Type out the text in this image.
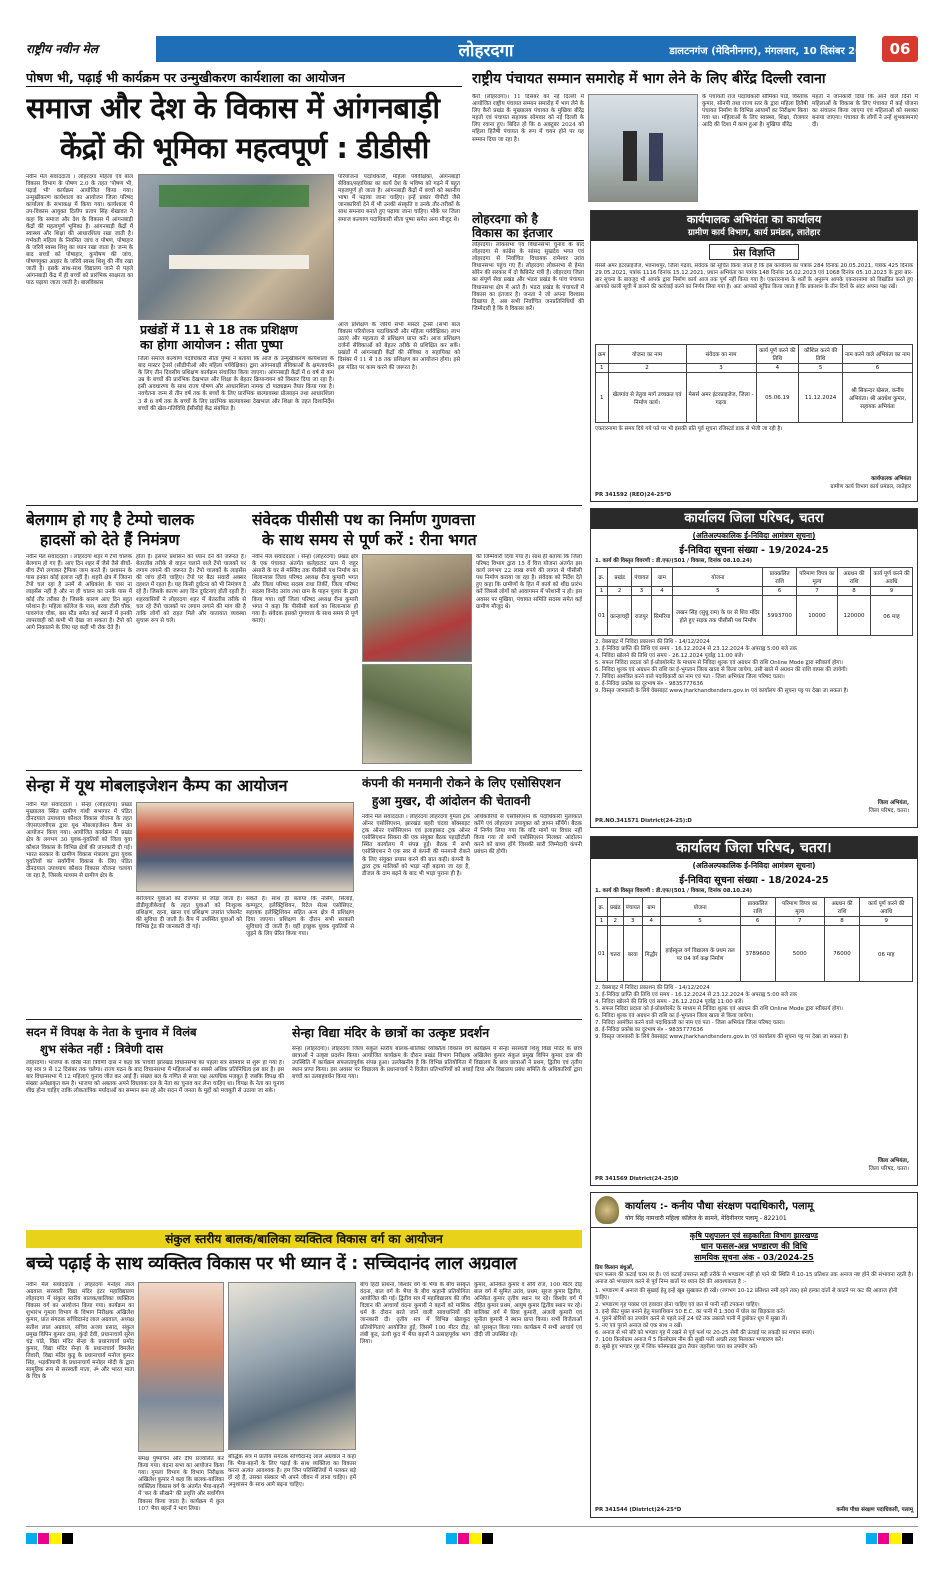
राष्ट्रीय नवीन मेल	लोहरदगा	डालटनगंज (मेदिनीनगर), मंगलवार, 10 दिसंबर 2024 06
पोषण भी, पढ़ाई भी कार्यक्रम पर उन्मुखीकरण कार्यशाला का आयोजन
समाज और देश के विकास में आंगनबाड़ी
केंद्रों की भूमिका महत्वपूर्ण : डीडीसी
नवीन मेल संवाददाता । लोहरदगा महिला एवं बाल विकास विभाग के पोषण 2.0 के तहत 'पोषण भी, पढ़ाई भी' कार्यक्रम आयोजित किया गया। उन्मुखीकरण कार्यशाला का आयोजन जिला परिषद कार्यालय के सभाकक्ष में किया गया। कार्यशाला में उप-विकास आयुक्त दिलीप प्रताप सिंह शेखावत ने कहा कि समाज और देश के विकास में आंगनबाड़ी केंद्रों की महत्वपूर्ण भूमिका है। आंगनबाड़ी केंद्रों में स्वास्थ्य और शिक्षा की आधारशिला रखा जाती है। गर्भवती महिला के नियमित जांच व पोषण, पोषाहार के जरिये स्वस्थ शिशु का ध्यान रखा जाता है। जन्म के बाद बच्चों को पोषाहार, कुपोषण की जांच, पोषणयुक्त आहार के जरिये स्वस्थ शिशु की नींव रखा जाती है। इसके साथ-साथ विद्यालय जाने से पहले आंगनबाड़ी केंद्र में ही बच्चों को प्रारंभिक साक्षरता का पाठ पढ़ाया जाता जाती है। बालविकास
परियोजना पदाधिकारी, महिला पर्यवेक्षिका, आंगनबाड़ी सेविका/सहायिका का कार्य देश के भविष्य को गढ़ने में बहुत महत्वपूर्ण हो जाता है। आंगनबाड़ी केंद्रों में बच्चों को स्थानीय भाषा में पढ़ाया जाना चाहिए। इन्हें प्रकार पीपीटी जैसे जानकारियों देने में भी उनकी संस्कृति व उनके तौर-तरीकों के साथ समन्वय बनाते हुए पढ़ाया जाना चाहिए। मौके पर जिला समाज कल्याण पदाधिकारी सीता पुष्पा समेत अन्य मौजूद थे।
प्रखंडों में 11 से 18 तक प्रशिक्षण
का होगा आयोजन : सीता पुष्पा
जिला समाज कल्याण पदाधिकारी सीता पुष्पा ने बताया कि आज के उन्मुखीकरण कार्यशाला के बाद मास्टर ट्रेनर्स (सीडीपीओ और महिला पर्यवेक्षिका) द्वारा आंगनबाड़ी सेविकाओं के क्षमतावर्धन के लिए तीन दिवसीय प्रशिक्षण कार्यक्रम संचालित किया जाएगा। आंगनबाड़ी केंद्रों में 6 वर्ष से कम उम्र के बच्चों की प्रारंभिक देखभाल और शिक्षा के बेहतर क्रियान्वयन को विस्तार दिया जा रहा है। इसी अवधारणा के साथ राज्य पोषण और आधारशिला नामक दो पाठ्यक्रम तैयार किया गया है। नवचेतना जन्म से तीन वर्ष तक के बच्चों के लिए प्रारंभिक बाल्यावस्था प्रोत्साहन तथा आधारशिला 3 से 6 वर्ष तक के बच्चों के लिए प्रारंभिक बाल्यावस्था देखभाल और शिक्षा के तहत दिशानिर्देश बच्चों की खेल-गतिविधि ईसीसीई केंद्र संबंधित है।
आज प्रशिक्षण के जरिये सभी मास्टर ट्रेनर्स (सभी बाल विकास परियोजना पदाधिकारी और महिला पर्यवेक्षिका) लाभ उठाएं और महत्वता से प्रशिक्षण प्राप्त करें। आज प्रशिक्षण दर्जनों सेविकाओं को बेहतर तरीके से प्रशिक्षित कर सकें। प्रखंडों में आंगनबाड़ी केंद्रों की सेविका व सहायिका को दिसंबर में 11 से 18 तक प्रशिक्षण का आयोजन होगा। इसे इस मंडित पर काम करने की जरूरत है।
राष्ट्रीय पंचायत सम्मान समारोह में भाग लेने के लिए बीरेंद्र दिल्ली रवाना
कैरो (लोहरदगा)। 11 दिसंबर को नई दिल्ली में आयोजित राष्ट्रीय पंचायत सम्मान समारोह में भाग लेने के लिए कैरो प्रखंड के मुख्यालय पंचायत के मुखिया बीरेंद्र महतो एवं पंचायत सहायक सोमवार को नई दिल्ली के लिए रवाना हुए। बिदित हो कि 8 अक्टूबर 2024 को महिला हितैषी पंचायत के रूप में चयन होने पर यह सम्मान दिया जा रहा है।
के पंचायती राज पदाधिकारी सौमिका पांडे, विस्तोक कुमार, सोनपी तथा राज्य स्तर के द्वारा महिला हितैषी पंचायत निर्माण के विभिन्न आयामों का निरीक्षण किया गया था। महिलाओं के लिए स्वास्थ्य, शिक्षा, रोजगार आदि की दिशा में काम हुआ है। मुखिया बीरेंद्र
महतो ने जानकारी दिया कि आने वाले दिनों में महिलाओं के विकास के लिए पंचायत में कई योजना का संचालन किया जाएगा एवं महिलाओं को सशक्त बनाया जाएगा। पंचायत के लोगों ने उन्हें शुभकामनाएं दी।
लोहरदगा को है
विकास का इंतजार
लोहरदगा। लोकसभा एवं विधानसभा चुनाव के बाद लोहरदगा से कांग्रेस के सांसद सुखदेव भगत एवं लोहरदगा से निर्वाचित विधायक रामेश्वर उरांव विधानसभा पहुंच गए हैं। लोहरदगा लोकसभा से हेमंत सोरेन की सरकार में दो कैबिनेट मंत्री हैं। लोहरदगा जिला का संपूर्ण सेवा प्रखंड और भंडरा प्रखंड के पांच पंचायत विधानसभा क्षेत्र में आते हैं। भंडरा प्रखंड के पंचायतों में विकास का इंतजार है। जनता ने जो अपना विश्वास दिखाया है, अब सभी निर्वाचित जनप्रतिनिधियों की जिम्मेदारी है कि वे विकास करें।
कार्यपालक अभियंता का कार्यालय
ग्रामीण कार्य विभाग, कार्य प्रमंडल, लातेहार
प्रेस विज्ञप्ति
मेसर्स अमर इंटरप्राइजेज, भवनाथपुर, जिला गढ़वा, संवेदक को सूचित किया जाता है कि इस कार्यालय का पत्रांक 284 दिनांक 20.05.2021, पत्रांक 425 दिनांक 29.05.2021, पत्रांक 1116 दिनांक 15.12.2021, प्रधान अभियंता का पत्रांक 148 दिनांक 16.02.2023 एवं 1068 दिनांक 05.10.2023 के द्वारा बार-बार सूचना के बावजूद भी आपके द्वारा निर्माण कार्य आज तक पूर्ण नहीं किया गया है। एकरारनामा के शर्तों के अनुरूप आपके एकरारनामा को विखंडित करते हुए आपको काली सूची में डालने की कार्रवाई करने का निर्णय लिया गया है। अतः आपको सूचित किया जाता है कि प्रकाशन के तीन दिनों के अंदर अपना पक्ष रखें।
क्रम	योजना का नाम	संवेदक का नाम	कार्य पूर्ण करने की तिथि	कौशिल करने की तिथि	नाम करने वाले अभियंता का नाम
1	2	3	4	5	6
1	खेलगांव से तेतुवा मार्ग उच्चक्रत एवं निर्माण कार्य।	मेसर्स अमर इंटरप्राइजेज, जिला - गढ़वा	05.06.19	11.12.2024	श्री सिकन्दर खेसल, कनीय अभियंता। श्री अवधेश कुमार, सहायक अभियंता
एकरारनामा के समय दिये गये पते पर भी इसकी प्रति पूर्व सूचना रजिस्टर्ड डाक से भेजी जा रही है।
कार्यपालक अभियंता
ग्रामीण कार्य विभाग कार्य प्रमंडल, लातेहार
PR 341592 (REO)24-25*D
बेलगाम हो गए है टेम्पो चालक
हादसों को देते हैं निमंत्रण
नवीन मेल संवाददाता । लोहरदगा शहर में टेंपो चालक बेलगाम हो गए हैं। आए दिन शहर में जैसे तैसे बीचों-बीच टेंपो लगाकर ट्रैफिक जाम करते हैं। प्रशासन के पास इनका कोई इलाज नहीं है। शहरी क्षेत्र में जितना टेंपो चल रहा है उनमें से अधिकांश के पास ना लाइसेंस नहीं है और ना ही चालन का उनके पास में कोई तौर तरीका है। जिसके कारण आए दिन बहुत परेशान है। महिला कॉलेज के पास, बरवा टोली चौक, पावरगंज चौक, बस स्टैंड समेत कई स्थानों में इनकी लापरवाही को कभी भी देखा जा सकता है। टेंपो को आगे निकालने के लिए यह कहीं भी रोक देते हैं।
होता है। इसपर प्रशासन को ध्यान देने की जरूरत है। बेतरतीब तरीके से वाहन चलाने वाले टेंपो चालकों पर लगाम लगाने की जरूरत है। टेंपो चालकों के लाइसेंस की जांच होनी चाहिए। टेंपो पर बैठा सवारी अक्सर दहशत में रहता है। यह किसी दुर्घटना को भी निमंत्रण दे रहे हैं। जिसके कारण आए दिन दुर्घटनाएं होती रहती हैं। शहरवासियों ने लोहरदगा शहर में बेतरतीब तरीके से चल रहे टेंपो चालकों पर लगाम लगाने की मांग की है ताकि लोगों को राहत मिले और यातायात व्यवस्था सुचारू रूप से चले।
संवेदक पीसीसी पथ का निर्माण गुणवत्ता
के साथ समय से पूर्ण करें : रीना भगत
नवीन मेल संवाददाता । सेन्हा (लोहरदगा) प्रखंड क्षेत्र के एक पंचायत अंतर्गत कलेहाटाट ग्राम में जहुर अंसारी के घर से मस्जिद तक पीसीसी पथ निर्माण का शिलान्यास जिला परिषद अध्यक्ष रीना कुमारी भगत और जिला परिषद सदस्य राधा तिर्की, जिला परिषद सदस्य विनोद उरांव तथा ग्राम के पाहन पुजार के द्वारा किया गया। वहीं जिला परिषद अध्यक्ष रीना कुमारी भगत ने कहा कि पीसीसी कार्य का शिलान्यास हो गया है। संवेदक इसको गुणवत्ता के साथ समय से पूर्ण कराएं।
की जिम्मेवारी दिया गया है। साथ ही बताया कि जिला परिषद विभाग द्वारा 15 वें वित्त योजना अंतर्गत इस कार्य लगभग 22 लाख रुपये की लागत से पीसीसी पथ निर्माण कराया जा रहा है। संवेदक को निर्देश देते हुए कहा कि ग्रामीणों के हित में कार्य को शीघ्र प्रारंभ करें जिससे लोगों को आवागमन में परेशानी न हो। इस अवसर पर मुखिया, पंचायत समिति सदस्य समेत कई ग्रामीण मौजूद थे।
कार्यालय जिला परिषद, चतरा
(अतिअल्पकालिक ई-निविदा आमंत्रण सूचना)
ई-निविदा सूचना संख्या - 19/2024-25
1. कार्य की विस्तृत विवरणी : डी.एफ/(501 / विकास, दिनांक 08.10.24)
क्र.	प्रखंड	पंचायत	ग्राम	योजना	प्राक्कलित राशि	परिमाण विपत्र का मूल्य	अग्रधन की राशि	कार्य पूर्ण करने की अवधि
1	2	3	4	5	6	7	8	9
01	कान्हाचट्टी	राजपुर	सिमरिया	लखन सिंह (सुधु राम) के घर से शिव मंदिर होते हुए सड़क तक पीसीसी पथ निर्माण	5993700	10000	120000	06 माह
2. वेबसाइट में निविदा प्रकाशन की तिथि - 14/12/2024
3. ई-निविदा प्राप्ति की तिथि एवं समय - 16.12.2024 से 23.12.2024 के अपराह्न 5:00 बजे तक
4. निविदा खोलने की तिथि एवं समय - 26.12.2024 पूर्वाह्न 11:00 बजे।
5. सफल निविदा प्रदाता को ई-प्रोक्योरमेंट के माध्यम से निविदा शुल्क एवं अग्रधन की राशि Online Mode द्वारा स्वीकार्य होगा।
6. निविदा शुल्क एवं अग्रधन की राशि का ई-भुगतान जिला खाता से किया जायेगा, उसी खाते में अग्रधन की राशि वापस की जायेगी।
7. निविदा आमंत्रित करने वाले पदाधिकारी का नाम एवं पता - जिला अभियंता जिला परिषद चतरा।
8. ई-निविदा प्रकोष्ठ का दूरभाष सं० - 9835777636
9. विस्तृत जानकारी के लिये वेबसाइट www.jharkhandtenders.gov.in एवं कार्यालय की सूचना पट्ट पर देखा जा सकता है।
जिला अभियंता,
जिला परिषद, चतरा।
PR.NO.341571 District(24-25):D
सेन्हा में यूथ मोबलाइजेशन कैम्प का आयोजन
नवीन मेल संवाददाता । सेन्हा (लोहरदगा) प्रखंड मुख्यालय स्थित ग्रामीण गांधी सभागार में पंडित दीनदयाल उपाध्याय कौशल विकास योजना के तहत जेएसएलपीएस द्वारा यूथ मोबलाइजेशन कैम्प का आयोजन किया गया। आयोजित कार्यक्रम में प्रखंड क्षेत्र के लगभग 30 युवक-युवतियों को जिला युवा कौशल विकास के विभिन्न क्षेत्रों की जानकारी दी गई। भारत सरकार के ग्रामीण विकास मंत्रालय द्वारा युवक युवतियों का सर्वांगीण विकास के लिए पंडित दीनदयाल उपाध्याय कौशल विकास योजना चलाया जा रहा है, जिसके माध्यम से ग्रामीण क्षेत्र के
बेरोजगार युवाओं को रोजगार से जोड़ा जाता है। डीडीयूजीकेवाई के तहत युवाओं को निःशुल्क प्रशिक्षण, रहना, खाना एवं प्रशिक्षण उपरांत प्लेसमेंट की सुविधा दी जाती है। कैंप में उपस्थित युवाओं को विभिन्न ट्रेड की जानकारी दी गई।
सकते हैं। साथ ही बताया कि नर्सिंग, सिलाई, कम्प्यूटर, इलेक्ट्रिशियन, रिटेल सेल्स एसोसिएट, सहायक इलेक्ट्रिशियन सहित अन्य क्षेत्र में प्रशिक्षण दिया जाएगा। प्रशिक्षण के दौरान सभी सरकारी सुविधाएं दी जाती हैं। वहीं इच्छुक युवक युवतियों से जुड़ने के लिए प्रेरित किया गया।
कंपनी की मनमानी रोकने के लिए एसोसिएशन
हुआ मुखर, दी आंदोलन की चेतावनी
नवीन मेल संवाददाता । लोहरदगा लोहरदगा गुमला ट्रक ऑनर एसोसिएशन, झारखंड बहरी चंदवा बॉक्साइट ट्रक ऑनर एसोसिएशन एवं इलाहाबाद ट्रक ऑनर एसोसिएशन सिकरा की एक संयुक्त बैठक पहाड़ीटोली स्थित कार्यालय में संपन्न हुई। बैठक में सभी एसोसिएशन ने एक स्वर से कंपनी की मनमानी रोकने के लिए संयुक्त प्रयास करने की बात कही। कंपनी के द्वारा ट्रक मालिकों को भाड़ा नहीं बढ़ाया जा रहा है, डीजल के दाम बढ़ने के बाद भी भाड़ा पुराना ही है।
अधिकारियों से एसोसिएशन के पदाधिकारी मुलाकात करेंगे एवं लोहरदगा उपायुक्त को ज्ञापन सौंपेंगे। बैठक में निर्णय लिया गया कि यदि मांगों पर विचार नहीं किया गया तो सभी एसोसिएशन मिलकर आंदोलन करने को बाध्य होंगे जिसकी सारी जिम्मेदारी कंपनी प्रबंधन की होगी।
सदन में विपक्ष के नेता के चुनाव में विलंब
शुभ संकेत नहीं : त्रिवेणी दास
लोहरदगा। भाजपा के वरिष्ठ नेता त्रिवेणी दास ने कहा कि पांचवीं झारखंड विधानसभा का पहला सत्र सोमवार से शुरू हो गया है। यह सत्र 9 से 12 दिसंबर तक चलेगा। राज्य गठन के बाद विधानसभा में महिलाओं का सबसे अधिक प्रतिनिधित्व इस बार है। इस बार विधानसभा में 12 महिलाएं चुनाव जीत कर आई हैं। संख्या बल के गणित से सत्ता पक्ष अत्यधिक मजबूत है जबकि विपक्ष की संख्या अपेक्षाकृत कम है। भाजपा को अबतक अपने विधायक दल के नेता का चुनाव कर लेना चाहिए था। विपक्ष के नेता का चुनाव शीघ्र होना चाहिए ताकि लोकतांत्रिक मर्यादाओं का सम्मान बना रहे और सदन में जनता के मुद्दों को मजबूती से उठाया जा सके।
सेन्हा विद्या मंदिर के छात्रों का उत्कृष्ट प्रदर्शन
सेन्हा (लोहरदगा)। लोहरदगा जिला संकुल स्तरीय बालक-बालिका व्यक्तित्व विकास वर्ग कार्यक्रम में सेन्हा सरस्वती शिशु विद्या मंदिर के छात्र छात्राओं ने उत्कृष्ट प्रदर्शन किया। आयोजित कार्यक्रम के दौरान प्रखंड विभाग निरीक्षक अखिलेश कुमार संकुल प्रमुख विपिन कुमार दास की उपस्थिति में कार्यक्रम सफलतापूर्वक संपन्न हुआ। उल्लेखनीय है कि विभिन्न प्रतियोगिता में विद्यालय के छात्र छात्राओं ने प्रथम, द्वितीय एवं तृतीय स्थान प्राप्त किया। इस अवसर पर विद्यालय के प्रधानाचार्य ने विजेता प्रतिभागियों को बधाई दिया और विद्यालय प्रबंध समिति के अधिकारियों द्वारा बच्चों का उत्साहवर्धन किया गया।
कार्यालय जिला परिषद, चतरा।
(अतिअल्पकालिक ई-निविदा आमंत्रण सूचना)
ई-निविदा सूचना संख्या - 18/2024-25
1. कार्य की विस्तृत विवरणी : डी.एफ/(501 / विकास, दिनांक 08.10.24)
क्र.	प्रखंड	पंचायत	ग्राम	योजना	प्राक्कलित राशि	परिमाण विपत्र का मूल्य	अग्रधन की राशि	कार्य पूर्ण करने की अवधि
1	2	3	4	5	6	7	8	9
01	चतरा	बरवा	गिद्धौर	हाईस्कूल वर्ग विद्यालय के प्रथम तल पर 04 वर्ग कक्ष निर्माण	3789600	5000	76000	06 माह
2. वेबसाइट में निविदा प्रकाशन की तिथि - 14/12/2024
3. ई-निविदा प्राप्ति की तिथि एवं समय - 16.12.2024 से 23.12.2024 के अपराह्न 5:00 बजे तक
4. निविदा खोलने की तिथि एवं समय - 26.12.2024 पूर्वाह्न 11:00 बजे।
5. सफल निविदा प्रदाता को ई-प्रोक्योरमेंट के माध्यम से निविदा शुल्क एवं अग्रधन की राशि Online Mode द्वारा स्वीकार्य होगा।
6. निविदा शुल्क एवं अग्रधन की राशि का ई-भुगतान जिला खाता से किया जायेगा।
7. निविदा आमंत्रित करने वाले पदाधिकारी का नाम एवं पता - जिला अभियंता जिला परिषद चतरा।
8. ई-निविदा प्रकोष्ठ का दूरभाष सं० - 9835777636
9. विस्तृत जानकारी के लिये वेबसाइट www.jharkhandtenders.gov.in एवं कार्यालय की सूचना पट्ट पर देखा जा सकता है।
जिला अभियंता,
जिला परिषद, चतरा।
PR 341569 District(24-25)D
संकुल स्तरीय बालक/बालिका व्यक्तित्व विकास वर्ग का आयोजन
बच्चे पढ़ाई के साथ व्यक्तित्व विकास पर भी ध्यान दें : सच्चिदानंद लाल अग्रवाल
नवीन मेल संवाददाता । लोहरदगा मनोहर लाल अग्रवाल सरस्वती विद्या मंदिर इंटर महाविद्यालय लोहरदगा में संकुल स्तरीय बालक/बालिका व्यक्तित्व विकास वर्ग का आयोजन किया गया। कार्यक्रम का शुभारंभ गुमला विभाग के विभाग निरीक्षक अखिलेश कुमार, प्रांत संगठक सच्चिदानंद लाल अग्रवाल, अध्यक्ष सतीश लाल अग्रवाल, सचिव अजय प्रसाद, संकुल प्रमुख विपिन कुमार दास, कुंदो देवी, प्रधानाचार्य सुरेश चंद्र पांडे, विद्या मंदिर सेन्हा के प्रधानाचार्य प्रमोद कुमार, विद्या मंदिर सेन्हा के प्रधानाचार्य विमलेश तिवारी, विद्या मंदिर कुडू के प्रधानाचार्य मनोज कुमार सिंह, भड़कीयापी के प्रधानाचार्य मनोहर मोदी के द्वारा सामूहिक रूप से सरस्वती माता, ॐ और भारत माता के चित्र के
समक्ष पुष्पार्चन और दीप प्रज्वलित कर किया गया। वंदना सभा का आयोजन किया गया। गुमला विभाग के विभाग निरीक्षक अखिलेश कुमार ने कहा कि बालक-बालिका व्यक्तित्व विकास वर्ग के अंतर्गत भैया-बहनों में 'कर के सीखने' की प्रवृत्ति और सर्वांगीण विकास किया जाता है। कार्यक्रम में कुल 107 भैया बहनों ने भाग लिया।
बौद्धिक सत्र में प्रांतीय संगठक सच्चिदानंद लाल अग्रवाल ने कहा कि भैया-बहनों के लिए पढ़ाई के साथ व्यक्तित्व का विकास करना अत्यंत आवश्यक है। हम जिन परिस्थितियों में पलकर बड़े हो रहे हैं, उसका संस्कार भी अपने जीवन में लाना चाहिए। हमें अनुशासन के साथ आगे बढ़ना चाहिए।
बीच हिंदी प्रार्थना, किशोर वर्ग के भैया के बीच संस्कृत वंदना, बाल वर्ग के भैया के बीच कहानी प्रतियोगिता आयोजित की गई। द्वितीय सत्र में महाविद्यालय की जीव विज्ञान की आचार्या वंदना कुमारी ने बहनों को मासिक धर्म के दौरान बरते जाने वाली सावधानियों की जानकारी दी। तृतीय सत्र में विभिन्न खेलकूद प्रतियोगिताएं आयोजित हुईं, जिसमें 100 मीटर दौड़, लंबी कूद, ऊंची कूद में भैया बहनों ने उत्साहपूर्वक भाग लिया।
कुमार, अनिकेत कुमार व सौर्य राज, 100 मीटर दौड़ बाल वर्ग में सुमित उरांव, प्रथम, सूरज कुमार द्वितीय, अनिकेत कुमार तृतीय स्थान पर रहे। किशोर वर्ग में रोहित कुमार प्रथम, आयुष कुमार द्वितीय स्थान पर रहे। बालिका वर्ग में प्रिया कुमारी, अंजली कुमारी एवं सुनीता कुमारी ने स्थान प्राप्त किया। सभी विजेताओं को पुरस्कृत किया गया। कार्यक्रम में सभी आचार्य एवं दीदी जी उपस्थित रहे।
कार्यालय :- कनीय पौधा संरक्षण पदाधिकारी, पलामू
योग सिंह नामधारी महिला कॉलेज के सामने, मेदिनीनगर पलामू - 822101
कृषि पशुपालन एवं सहकारिता विभाग झारखण्ड
धान फसल-अन्न भण्डारण की विधि
सामयिक सूचना अंक - 03/2024-25
प्रिय किसान बंधुओं,
धान फसल की कटाई चरम पर है। एवं कटाई उपरान्त सही तरीके से भण्डारण नहीं हो पाने की स्थिति में 10-15 प्रतिशत तक अनाज नष्ट होने की संभावना रहती है। अनाज को भण्डारण करने से पूर्व निम्न बातों पर ध्यान देने की आवश्यकता है :-
1. भण्डारण में अनाज की सुखाई हेतु इन्हें खूब सुखाकर ही रखें। (लगभग 10-12 प्रतिशत नमी रहने तक) इसे हल्का दांतों से काटने पर कट की आवाज होनी चाहिए।
2. भण्डारण गृह पक्का एवं हवादार होना चाहिए एवं छत से पानी नहीं टपकना चाहिए।
3. इन्हे कीट मुक्त बनाने हेतु मालाथियान 50 E.C. का पानी में 1:300 में घोल का छिड़काव करें।
4. पुराने बोरियों का उपयोग करने से पहले उन्हें 24 घंटे तक उबलते पानी में डुबोकर धूप में सुखा लें।
5. नए एवं पुराने अनाज को एक साथ न रखें।
6. अनाज से भरे बोरे को भण्डार गृह में रखने से पूर्व फर्श पर 20-25 सेमी की ऊंचाई पर लकड़ी का मचान बनाएं।
7. 100 किलोग्राम अनाज में 5 किलोग्राम नीम की सूखी पत्ती अच्छी तरह मिलाकर भण्डारण करें।
8. सूखे हुए भण्डार गृह में जिंक फॉस्फाइड द्वारा तैयार जहरीला चारा का उपयोग करें।
PR 341544 (District)24-25*D	कनीय पौधा संरक्षण पदाधिकारी, पलामू
